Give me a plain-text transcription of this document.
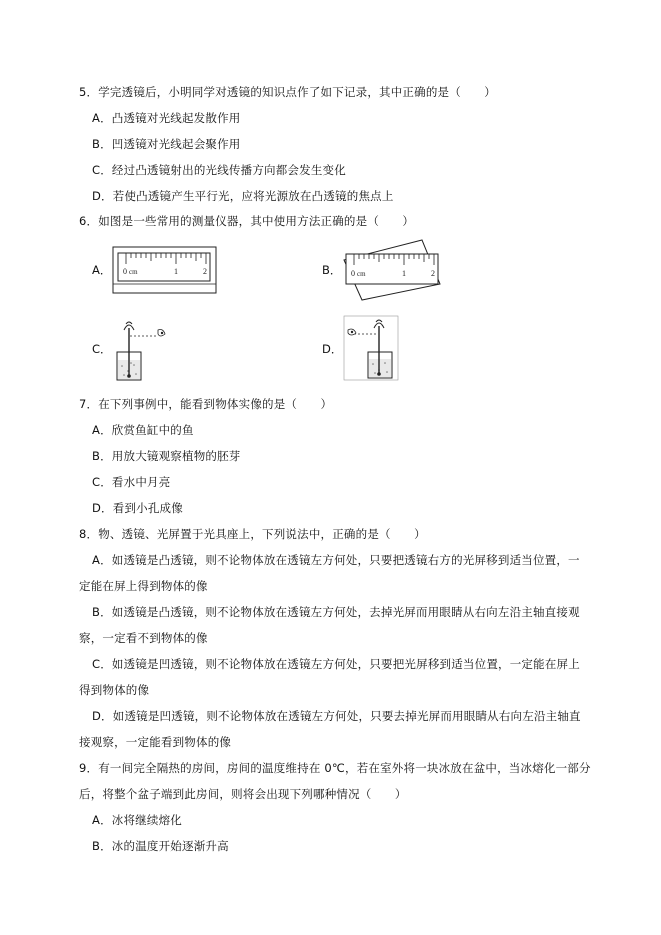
5．学完透镜后，小明同学对透镜的知识点作了如下记录，其中正确的是（　　）
A．凸透镜对光线起发散作用
B．凹透镜对光线起会聚作用
C．经过凸透镜射出的光线传播方向都会发生变化
D．若使凸透镜产生平行光，应将光源放在凸透镜的焦点上
6．如图是一些常用的测量仪器，其中使用方法正确的是（　　）
A． 0 cm	1	2	B． 0 cm	1	2
C．	D．
7．在下列事例中，能看到物体实像的是（　　）
A．欣赏鱼缸中的鱼
B．用放大镜观察植物的胚芽
C．看水中月亮
D．看到小孔成像
8．物、透镜、光屏置于光具座上，下列说法中，正确的是（　　）
A．如透镜是凸透镜，则不论物体放在透镜左方何处，只要把透镜右方的光屏移到适当位置，一
定能在屏上得到物体的像
B．如透镜是凸透镜，则不论物体放在透镜左方何处，去掉光屏而用眼睛从右向左沿主轴直接观
察，一定看不到物体的像
C．如透镜是凹透镜，则不论物体放在透镜左方何处，只要把光屏移到适当位置，一定能在屏上
得到物体的像
D．如透镜是凹透镜，则不论物体放在透镜左方何处，只要去掉光屏而用眼睛从右向左沿主轴直
接观察，一定能看到物体的像
9．有一间完全隔热的房间，房间的温度维持在 0℃，若在室外将一块冰放在盆中，当冰熔化一部分
后，将整个盆子端到此房间，则将会出现下列哪种情况（　　）
A．冰将继续熔化
B．冰的温度开始逐渐升高
